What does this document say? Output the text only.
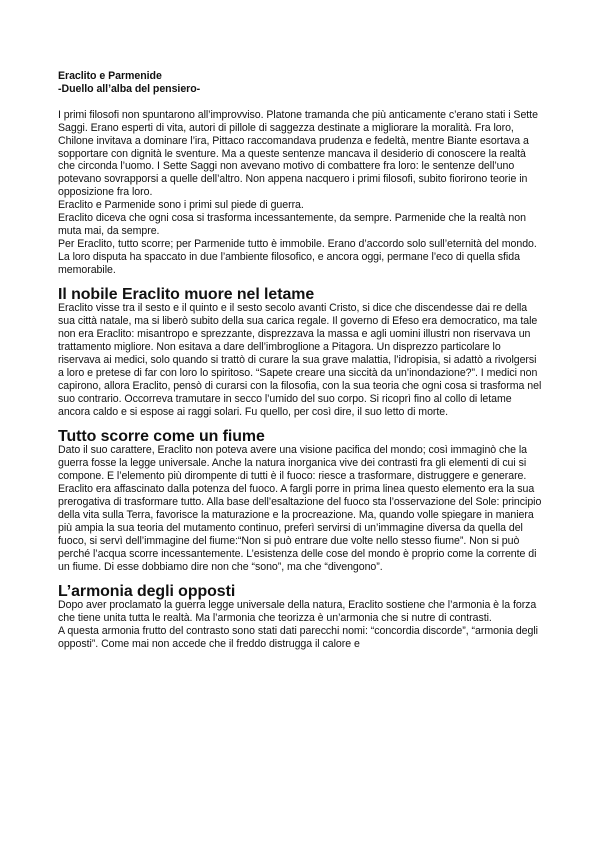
Eraclito e Parmenide
-Duello all’alba del pensiero-

I primi filosofi non spuntarono all’improvviso. Platone tramanda che più anticamente c’erano stati i Sette Saggi. Erano esperti di vita, autori di pillole di saggezza destinate a migliorare la moralità. Fra loro, Chilone invitava a dominare l’ira, Pittaco raccomandava prudenza e fedeltà, mentre Biante esortava a sopportare con dignità le sventure. Ma a queste sentenze mancava il desiderio di conoscere la realtà che circonda l’uomo. I Sette Saggi non avevano motivo di combattere fra loro: le sentenze dell’uno potevano sovrapporsi a quelle dell’altro. Non appena nacquero i primi filosofi, subito fiorirono teorie in opposizione fra loro.

Eraclito e Parmenide sono i primi sul piede di guerra.

Eraclito diceva che ogni cosa si trasforma incessantemente, da sempre. Parmenide che la realtà non muta mai, da sempre.

Per Eraclito, tutto scorre; per Parmenide tutto è immobile. Erano d’accordo solo sull’eternità del mondo. La loro disputa ha spaccato in due l’ambiente filosofico, e ancora oggi, permane l’eco di quella sfida memorabile.

Il nobile Eraclito muore nel letame

Eraclito visse tra il sesto e il quinto e il sesto secolo avanti Cristo, si dice che discendesse dai re della sua città natale, ma si liberò subito della sua carica regale. Il governo di Efeso era democratico, ma tale non era Eraclito: misantropo e sprezzante, disprezzava la massa e agli uomini illustri non riservava un trattamento migliore. Non esitava a dare dell’imbroglione a Pitagora. Un disprezzo particolare lo riservava ai medici, solo quando si trattò di curare la sua grave malattia, l’idropisia, si adattò a rivolgersi a loro e pretese di far con loro lo spiritoso. “Sapete creare una siccità da un’inondazione?”. I medici non capirono, allora Eraclito, pensò di curarsi con la filosofia, con la sua teoria che ogni cosa si trasforma nel suo contrario. Occorreva tramutare in secco l’umido del suo corpo. Si ricoprì fino al collo di letame ancora caldo e si espose ai raggi solari. Fu quello, per così dire, il suo letto di morte.

Tutto scorre come un fiume

Dato il suo carattere, Eraclito non poteva avere una visione pacifica del mondo; così immaginò che la guerra fosse la legge universale. Anche la natura inorganica vive dei contrasti fra gli elementi di cui si compone. E l’elemento più dirompente di tutti è il fuoco: riesce a trasformare, distruggere e generare.

Eraclito era affascinato dalla potenza del fuoco. A fargli porre in prima linea questo elemento era la sua prerogativa di trasformare tutto. Alla base dell’esaltazione del fuoco sta l’osservazione del Sole: principio della vita sulla Terra, favorisce la maturazione e la procreazione. Ma, quando volle spiegare in maniera più ampia la sua teoria del mutamento continuo, preferì servirsi di un’immagine diversa da quella del fuoco, si servì dell’immagine del fiume:“Non si può entrare due volte nello stesso fiume”. Non si può perché l’acqua scorre incessantemente. L’esistenza delle cose del mondo è proprio come la corrente di un fiume. Di esse dobbiamo dire non che “sono”, ma che “divengono”.

L’armonia degli opposti

Dopo aver proclamato la guerra legge universale della natura, Eraclito sostiene che l’armonia è la forza che tiene unita tutta le realtà. Ma l’armonia che teorizza è un’armonia che si nutre di contrasti.

A questa armonia frutto del contrasto sono stati dati parecchi nomi: “concordia discorde”, “armonia degli opposti”. Come mai non accede che il freddo distrugga il calore e
